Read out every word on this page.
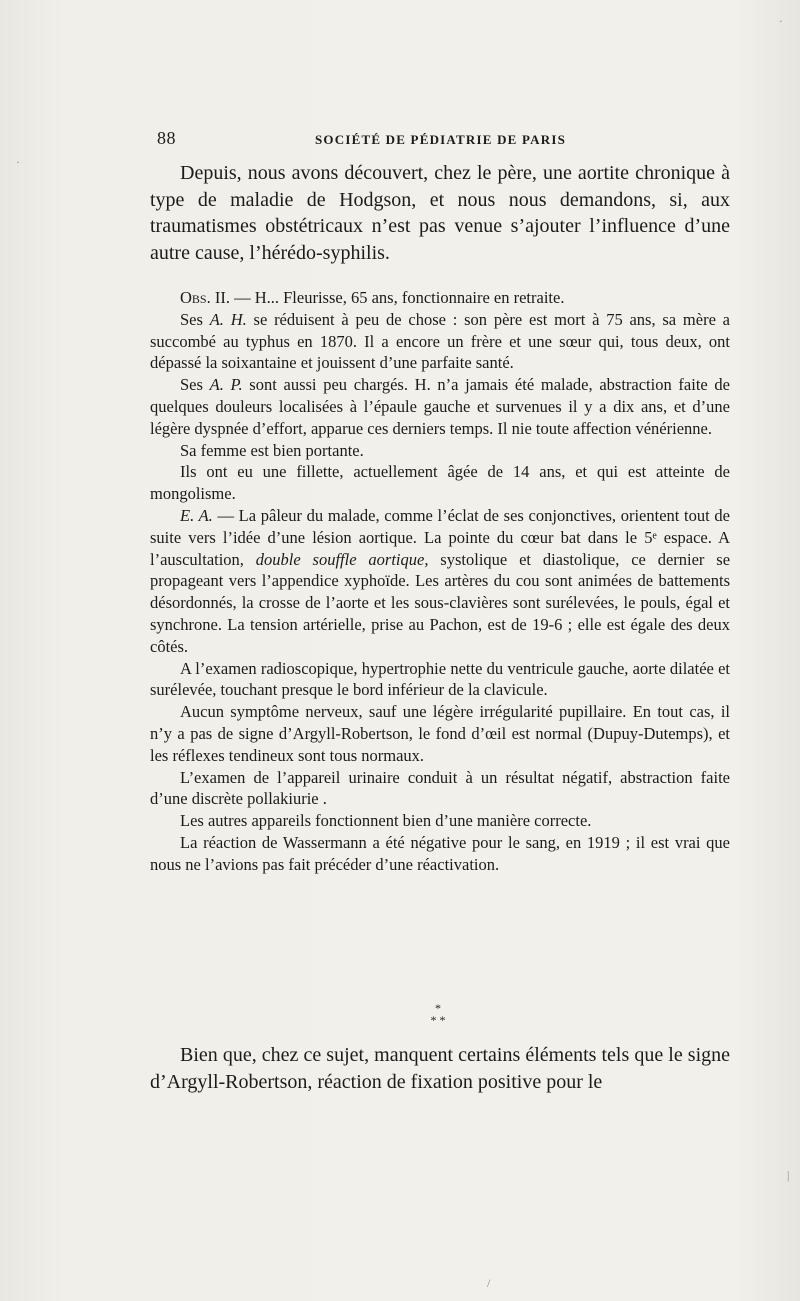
88	SOCIÉTÉ DE PÉDIATRIE DE PARIS

Depuis, nous avons découvert, chez le père, une aortite chronique à type de maladie de Hodgson, et nous nous demandons, si, aux traumatismes obstétricaux n’est pas venue s’ajouter l’influence d’une autre cause, l’hérédo-syphilis.

Obs. II. — H... Fleurisse, 65 ans, fonctionnaire en retraite.

Ses A. H. se réduisent à peu de chose : son père est mort à 75 ans, sa mère a succombé au typhus en 1870. Il a encore un frère et une sœur qui, tous deux, ont dépassé la soixantaine et jouissent d’une parfaite santé.

Ses A. P. sont aussi peu chargés. H. n’a jamais été malade, abstraction faite de quelques douleurs localisées à l’épaule gauche et survenues il y a dix ans, et d’une légère dyspnée d’effort, apparue ces derniers temps. Il nie toute affection vénérienne.

Sa femme est bien portante.

Ils ont eu une fillette, actuellement âgée de 14 ans, et qui est atteinte de mongolisme.

E. A. — La pâleur du malade, comme l’éclat de ses conjonctives, orientent tout de suite vers l’idée d’une lésion aortique. La pointe du cœur bat dans le 5ᵉ espace. A l’auscultation, double souffle aortique, systolique et diastolique, ce dernier se propageant vers l’appendice xyphoïde. Les artères du cou sont animées de battements désordonnés, la crosse de l’aorte et les sous-clavières sont surélevées, le pouls, égal et synchrone. La tension artérielle, prise au Pachon, est de 19-6 ; elle est égale des deux côtés.

A l’examen radioscopique, hypertrophie nette du ventricule gauche, aorte dilatée et surélevée, touchant presque le bord inférieur de la clavicule.

Aucun symptôme nerveux, sauf une légère irrégularité pupillaire. En tout cas, il n’y a pas de signe d’Argyll-Robertson, le fond d’œil est normal (Dupuy-Dutemps), et les réflexes tendineux sont tous normaux.

L’examen de l’appareil urinaire conduit à un résultat négatif, abstraction faite d’une discrète pollakiurie .

Les autres appareils fonctionnent bien d’une manière correcte.

La réaction de Wassermann a été négative pour le sang, en 1919 ; il est vrai que nous ne l’avions pas fait précéder d’une réactivation.

*
* *

Bien que, chez ce sujet, manquent certains éléments tels que le signe d’Argyll-Robertson, réaction de fixation positive pour le

·
·
/
|
